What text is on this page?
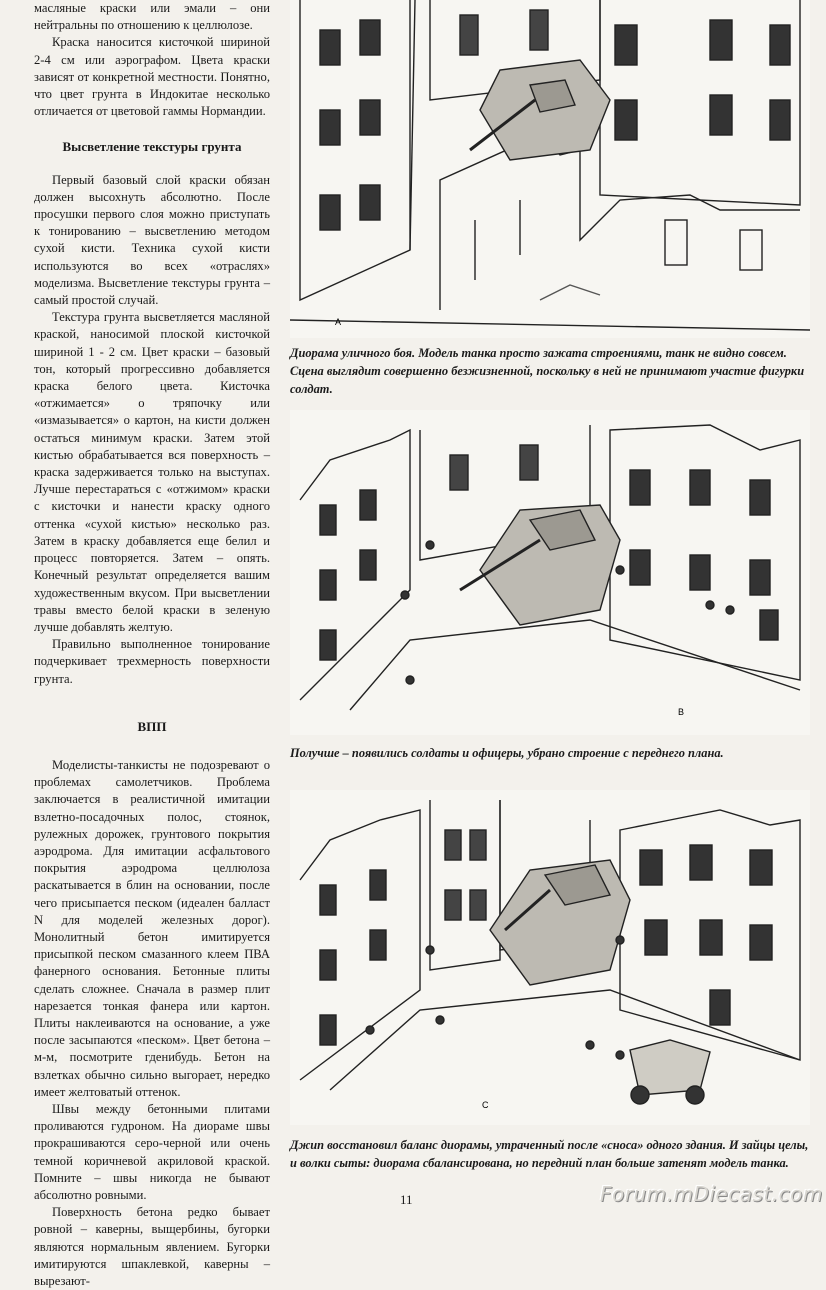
масляные краски или эмали – они нейтральны по отношению к целлюлозе.

Краска наносится кисточкой шириной 2-4 см или аэрографом. Цвета краски зависят от конкретной местности. Понятно, что цвет грунта в Индокитае несколько отличается от цветовой гаммы Нормандии.

Высветление текстуры грунта

Первый базовый слой краски обязан должен высохнуть абсолютно. После просушки первого слоя можно приступать к тонированию – высветлению методом сухой кисти. Техника сухой кисти используются во всех «отраслях» моделизма. Высветление текстуры грунта – самый простой случай.

Текстура грунта высветляется масляной краской, наносимой плоской кисточкой шириной 1 - 2 см. Цвет краски – базовый тон, который прогрессивно добавляется краска белого цвета. Кисточка «отжимается» о тряпочку или «измазывается» о картон, на кисти должен остаться минимум краски. Затем этой кистью обрабатывается вся поверхность – краска задерживается только на выступах. Лучше перестараться с «отжимом» краски с кисточки и нанести краску одного оттенка «сухой кистью» несколько раз. Затем в краску добавляется еще белил и процесс повторяется. Затем – опять. Конечный результат определяется вашим художественным вкусом. При высветлении травы вместо белой краски в зеленую лучше добавлять желтую.

Правильно выполненное тонирование подчеркивает трехмерность поверхности грунта.

ВПП

Моделисты-танкисты не подозревают о проблемах самолетчиков. Проблема заключается в реалистичной имитации взлетно-посадочных полос, стоянок, рулежных дорожек, грунтового покрытия аэродрома. Для имитации асфальтового покрытия аэродрома целлюлоза раскатывается в блин на основании, после чего присыпается песком (идеален балласт N для моделей железных дорог). Монолитный бетон имитируется присыпкой песком смазанного клеем ПВА фанерного основания. Бетонные плиты сделать сложнее. Сначала в размер плит нарезается тонкая фанера или картон. Плиты наклеиваются на основание, а уже после засыпаются «песком». Цвет бетона –м-м, посмотрите гденибудь. Бетон на взлетках обычно сильно выгорает, нередко имеет желтоватый оттенок.

Швы между бетонными плитами проливаются гудроном. На диораме швы прокрашиваются серо-черной или очень темной коричневой акриловой краской. Помните – швы никогда не бывают абсолютно ровными.

Поверхность бетона редко бывает ровной – каверны, выщербины, бугорки являются нормальным явлением. Бугорки имитируются шпаклевкой, каверны – вырезают-

A
Диорама уличного боя. Модель танка просто зажата строениями, танк не видно совсем. Сцена выглядит совершенно безжизненной, поскольку в ней не принимают участие фигурки солдат.
B
Получше – появились солдаты и офицеры, убрано строение с переднего плана.
C
Джип восстановил баланс диорамы, утраченный после «сноса» одного здания. И зайцы целы, и волки сыты: диорама сбалансирована, но передний план больше затенят модель танка.
11	Forum.mDiecast.com
